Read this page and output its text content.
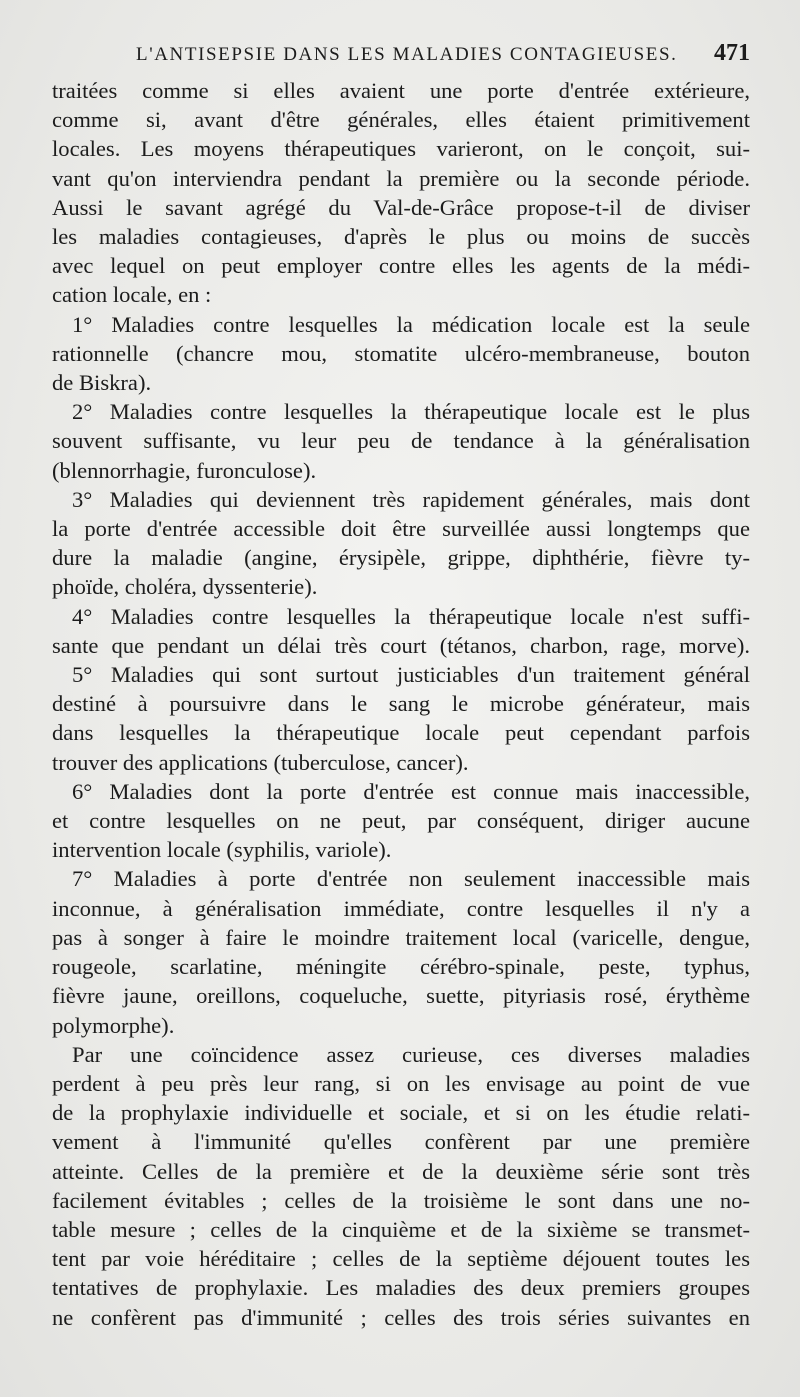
L'ANTISEPSIE DANS LES MALADIES CONTAGIEUSES. 471
traitées comme si elles avaient une porte d'entrée extérieure,
comme si, avant d'être générales, elles étaient primitivement
locales. Les moyens thérapeutiques varieront, on le conçoit, sui-
vant qu'on interviendra pendant la première ou la seconde période.
Aussi le savant agrégé du Val-de-Grâce propose-t-il de diviser
les maladies contagieuses, d'après le plus ou moins de succès
avec lequel on peut employer contre elles les agents de la médi-
cation locale, en :
1° Maladies contre lesquelles la médication locale est la seule
rationnelle (chancre mou, stomatite ulcéro-membraneuse, bouton
de Biskra).
2° Maladies contre lesquelles la thérapeutique locale est le plus
souvent suffisante, vu leur peu de tendance à la généralisation
(blennorrhagie, furonculose).
3° Maladies qui deviennent très rapidement générales, mais dont
la porte d'entrée accessible doit être surveillée aussi longtemps que
dure la maladie (angine, érysipèle, grippe, diphthérie, fièvre ty-
phoïde, choléra, dyssenterie).
4° Maladies contre lesquelles la thérapeutique locale n'est suffi-
sante que pendant un délai très court (tétanos, charbon, rage, morve).
5° Maladies qui sont surtout justiciables d'un traitement général
destiné à poursuivre dans le sang le microbe générateur, mais
dans lesquelles la thérapeutique locale peut cependant parfois
trouver des applications (tuberculose, cancer).
6° Maladies dont la porte d'entrée est connue mais inaccessible,
et contre lesquelles on ne peut, par conséquent, diriger aucune
intervention locale (syphilis, variole).
7° Maladies à porte d'entrée non seulement inaccessible mais
inconnue, à généralisation immédiate, contre lesquelles il n'y a
pas à songer à faire le moindre traitement local (varicelle, dengue,
rougeole, scarlatine, méningite cérébro-spinale, peste, typhus,
fièvre jaune, oreillons, coqueluche, suette, pityriasis rosé, érythème
polymorphe).
Par une coïncidence assez curieuse, ces diverses maladies
perdent à peu près leur rang, si on les envisage au point de vue
de la prophylaxie individuelle et sociale, et si on les étudie relati-
vement à l'immunité qu'elles confèrent par une première
atteinte. Celles de la première et de la deuxième série sont très
facilement évitables ; celles de la troisième le sont dans une no-
table mesure ; celles de la cinquième et de la sixième se transmet-
tent par voie héréditaire ; celles de la septième déjouent toutes les
tentatives de prophylaxie. Les maladies des deux premiers groupes
ne confèrent pas d'immunité ; celles des trois séries suivantes en
